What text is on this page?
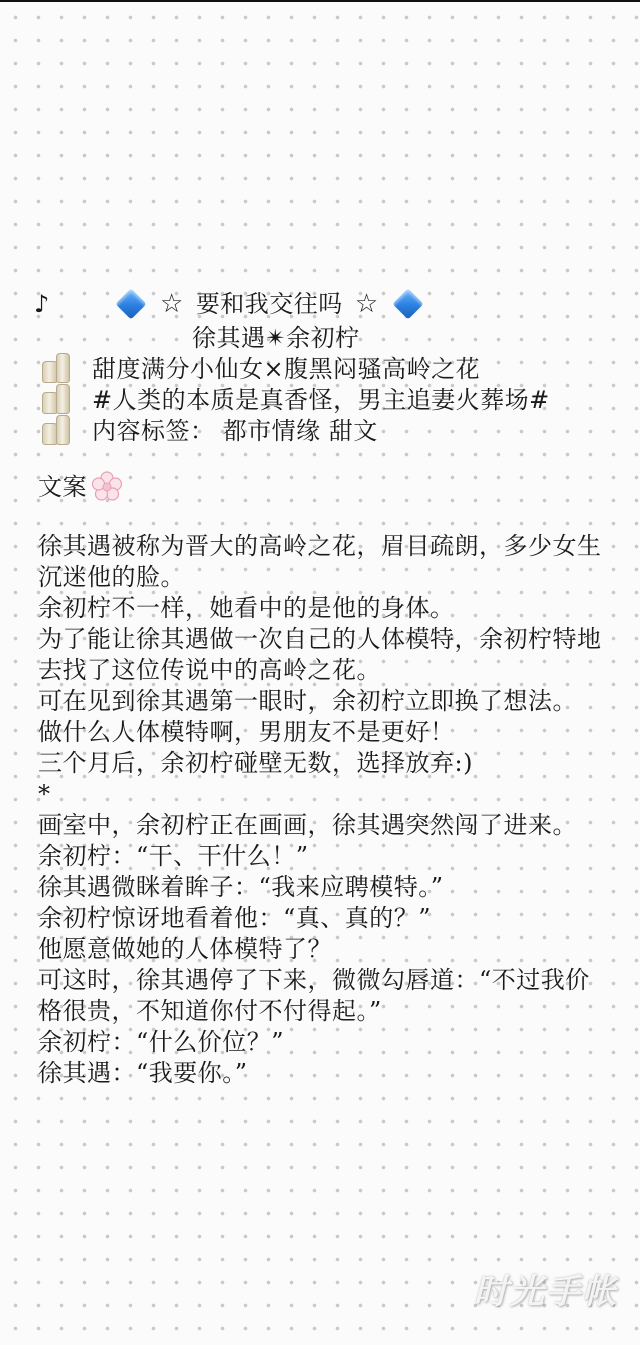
♪	☆ 要和我交往吗 ☆
徐其遇✴余初柠
甜度满分小仙女×腹黑闷骚高岭之花
#人类的本质是真香怪，男主追妻火葬场#
内容标签： 都市情缘 甜文
文案
徐其遇被称为晋大的高岭之花，眉目疏朗，多少女生沉迷他的脸。
余初柠不一样，她看中的是他的身体。
为了能让徐其遇做一次自己的人体模特，余初柠特地去找了这位传说中的高岭之花。
可在见到徐其遇第一眼时，余初柠立即换了想法。
做什么人体模特啊，男朋友不是更好！
三个月后，余初柠碰壁无数，选择放弃:)
*
画室中，余初柠正在画画，徐其遇突然闯了进来。
余初柠：“干、干什么！”
徐其遇微眯着眸子：“我来应聘模特。”
余初柠惊讶地看着他：“真、真的？”
他愿意做她的人体模特了？
可这时，徐其遇停了下来，微微勾唇道：“不过我价格很贵，不知道你付不付得起。”
余初柠：“什么价位？”
徐其遇：“我要你。”
时光手帐
